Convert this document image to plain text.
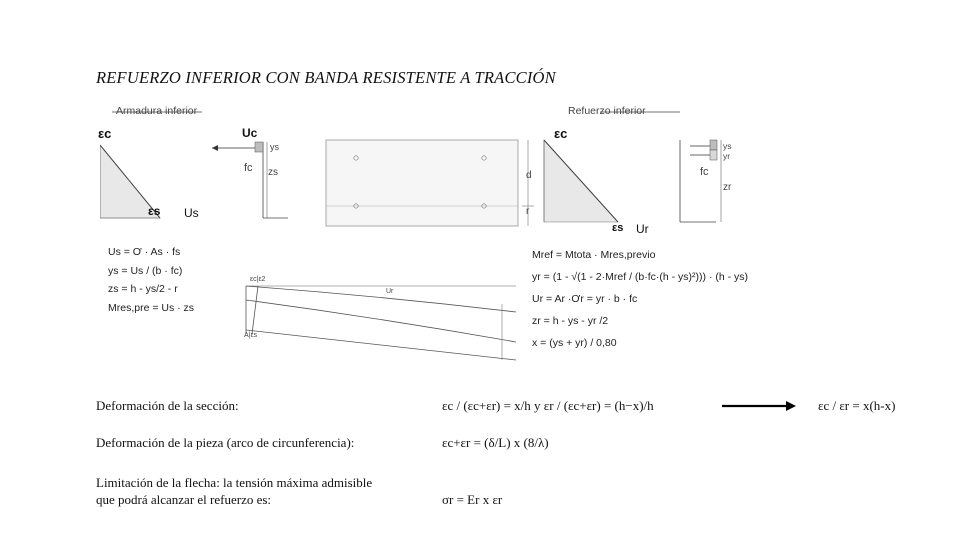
REFUERZO INFERIOR CON BANDA RESISTENTE A TRACCIÓN
Armadura inferior
εc
εs
Uc
Us
fc
ys
zs	d
r
Refuerzo inferior
εc
εs Ur
fc
ys
yr
zr
Us = Ơ · As · fs
ys = Us / (b · fc)
zs = h - ys/2 - r
Mres,pre = Us · zs
εc|ε2
A|εs
Ur
Mref = Mtota · Mres,previo
yr = (1 - √(1 - 2·Mref / (b·fc·(h - ys)²))) · (h - ys)
Ur = Ar ·Ơr = yr · b · fc
zr = h - ys - yr /2
x = (ys + yr) / 0,80
Deformación de la sección:	εc / (εc+εr) = x/h y εr / (εc+εr) = (h−x)/h	εc / εr = x(h-x)
Deformación de la pieza (arco de circunferencia):	εc+εr = (δ/L) x (8/λ)
Limitación de la flecha: la tensión máxima admisible
que podrá alcanzar el refuerzo es:	σr = Er x εr
